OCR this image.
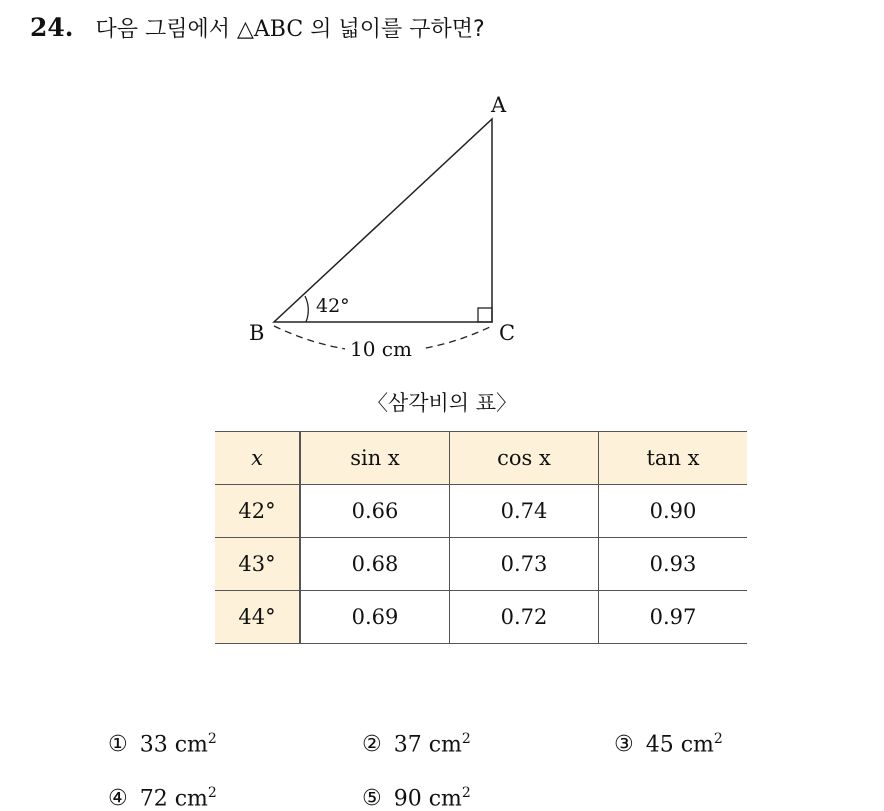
24. 다음 그림에서 △ABC 의 넓이를 구하면?
A
B	C
42°
10 cm
〈삼각비의 표〉
x	sin x	cos x	tan x
42°	0.66	0.74	0.90
43°	0.68	0.73	0.93
44°	0.69	0.72	0.97
① 33 $cm^2$	② 37 $cm^2$	③ 45 $cm^2$
④ 72 $cm^2$	⑤ 90 $cm^2$
